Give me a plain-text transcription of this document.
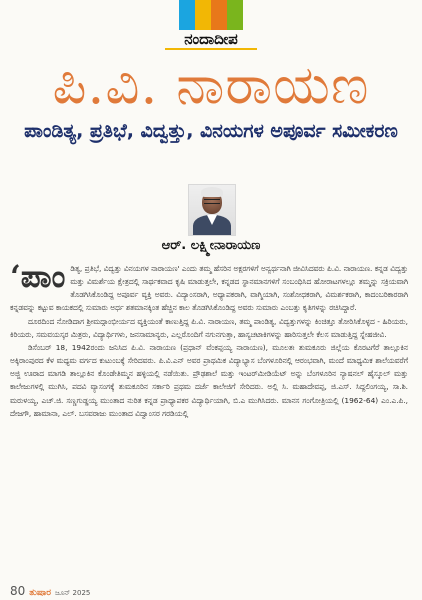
ನಂದಾದೀಪ
ಪಿ.ವಿ. ನಾರಾಯಣ
ಪಾಂಡಿತ್ಯ, ಪ್ರತಿಭೆ, ವಿದ್ವತ್ತು, ವಿನಯಗಳ ಅಪೂರ್ವ ಸಮೀಕರಣ
ಆರ್. ಲಕ್ಷ್ಮೀನಾರಾಯಣ
‘ಪಾಂ ಡಿತ್ಯ, ಪ್ರತಿಭೆ, ವಿದ್ವತ್ತು ವಿನಯಗಳ ನಾರಾಯಣ' ಎಂದು ತಮ್ಮ ಹೆಸರಿನ ಅಕ್ಷರಗಳಿಗೆ ಅನ್ವರ್ಥನಾಗಿ ಜೀವಿಸಿದವರು ಪಿ.ವಿ. ನಾರಾಯಣ. ಕನ್ನಡ ವಿದ್ವತ್ತು ಮತ್ತು ವಿಮರ್ಶೆಯ ಕ್ಷೇತ್ರದಲ್ಲಿ ಸಾರ್ಥಕವಾದ ಕೃಷಿ ಮಾಡುತ್ತಲೇ, ಕನ್ನಡದ ಸ್ಥಾನಮಾನಗಳಿಗೆ ಸಂಬಂಧಿಸಿದ ಹೋರಾಟಗಳಲ್ಲೂ ತಮ್ಮನ್ನು ಸಕ್ರಿಯವಾಗಿ ತೊಡಗಿಸಿಕೊಂಡಿದ್ದ ಅಪೂರ್ವ ವ್ಯಕ್ತಿ ಅವರು. ವಿದ್ಯಾಂಸರಾಗಿ, ಅಧ್ಯಾಪಕರಾಗಿ, ವಾಗ್ಮಿಯಾಗಿ, ಸಂಶೋಧಕರಾಗಿ, ವಿಮರ್ಶಕರಾಗಿ, ಕಾದಂಬರಿಕಾರರಾಗಿ ಕನ್ನಡವನ್ನು ಕಟ್ಟುವ ಕಾಯಕದಲ್ಲಿ ಸುಮಾರು ಅರ್ಧ ಶತಮಾನಕ್ಕಿಂತ ಹೆಚ್ಚಿನ ಕಾಲ ತೊಡಗಿಸಿಕೊಂಡಿದ್ದ ಅವರು ಸುಮಾರು ಎಂಬತ್ತು ಕೃತಿಗಳನ್ನು ರಚಿಸಿದ್ದಾರೆ.
ದೂರದಿಂದ ನೋಡಿದಾಗ ಶ್ರೀಮದ್ಗಾಂಭೀರ್ಯದ ವ್ಯಕ್ತಿಯಂತೆ ಕಾಣುತ್ತಿದ್ದ ಪಿ.ವಿ. ನಾರಾಯಣ, ತಮ್ಮ ಪಾಂಡಿತ್ಯ, ವಿದ್ವತ್ತುಗಳನ್ನು ಕಿಂಚಿತ್ತೂ ತೋರಿಸಿಕೊಳ್ಳದ - ಹಿರಿಯರು, ಕಿರಿಯರು, ಸಮವಯಸ್ಕರ ಮಿತ್ರರು, ವಿದ್ಯಾರ್ಥಿಗಳು, ಜನಸಾಮಾನ್ಯರು, ಎಲ್ಲರೊಂದಿಗೆ ನಗುನಗುತ್ತಾ, ಹಾಸ್ಯಚಟಾಕಿಗಳನ್ನು ಹಾರಿಸುತ್ತಲೇ ಕೆಲಸ ಮಾಡುತ್ತಿದ್ದ ಸ್ನೇಹಜೀವಿ.
ಡಿಸೆಂಬರ್ 18, 1942ರಂದು ಜನಿಸಿದ ಪಿ.ವಿ. ನಾರಾಯಣ (ಪ್ರಧಾನ್ ವೆಂಕಪ್ಪಯ್ಯ ನಾರಾಯಣ), ಮೂಲತಃ ತುಮಕೂರು ಜಿಲ್ಲೆಯ ಕೊರಟಗೆರೆ ತಾಲ್ಲೂಕಿನ ಅಕ್ಕಿರಾಂಪುರದ ಕೆಳ ಮಧ್ಯಮ ವರ್ಗದ ಕುಟುಂಬಕ್ಕೆ ಸೇರಿದವರು. ಪಿ.ವಿ.ಎನ್ ಅವರ ಪ್ರಾಥಮಿಕ ವಿದ್ಯಾಭ್ಯಾಸ ಬೆಂಗಳೂರಿನಲ್ಲಿ ಆರಂಭವಾಗಿ, ಮಂದೆ ಮಾಧ್ಯಮಿಕ ಶಾಲೆಯವರೆಗೆ ಅಜ್ಜಿ ಊರಾದ ಮಾಗಡಿ ತಾಲ್ಲೂಕಿನ ಕೊಂಡೇತಿಮ್ಮನ ಹಳ್ಳಿಯಲ್ಲಿ ನಡೆಯಿತು. ಪ್ರೌಢಶಾಲೆ ಮತ್ತು ಇಂಟರ್‌ಮೀಡಿಯೆಟ್ ಅನ್ನು ಬೆಂಗಳೂರಿನ ನ್ಯಾಷನಲ್ ಹೈಸ್ಕೂಲ್ ಮತ್ತು ಕಾಲೇಜುಗಳಲ್ಲಿ ಮುಗಿಸಿ, ಪದವಿ ವ್ಯಾಸಂಗಕ್ಕೆ ತುಮಕೂರಿನ ಸರ್ಕಾರಿ ಪ್ರಥಮ ದರ್ಜೆ ಕಾಲೇಜಿಗೆ ಸೇರಿದರು. ಅಲ್ಲಿ ಸಿ. ಮಹಾದೇವಪ್ಪ, ಜಿ.ಎಸ್. ಸಿದ್ದಲಿಂಗಯ್ಯ, ಸಾ.ಶಿ. ಮರುಳಯ್ಯ, ಎಚ್.ಜಿ. ಸಣ್ಣಗುಡ್ಡಯ್ಯ ಮುಂತಾದ ನುರಿತ ಕನ್ನಡ ಪ್ರಾಧ್ಯಾಪಕರ ವಿದ್ಯಾರ್ಥಿಯಾಗಿ, ಬಿ.ಎ ಮುಗಿಸಿದರು. ಮಾನಸ ಗಂಗೋತ್ರಿಯಲ್ಲಿ (1962-64) ಎಂ.ಎ.ಪಿ., ದೇಜಗೌ, ಹಾಮಾನಾ, ಎಲ್. ಬಸವರಾಜು ಮುಂತಾದ ವಿದ್ವಾಂಸರ ಗರಡಿಯಲ್ಲಿ
80 ತುಷಾರ ಜೂನ್ 2025
